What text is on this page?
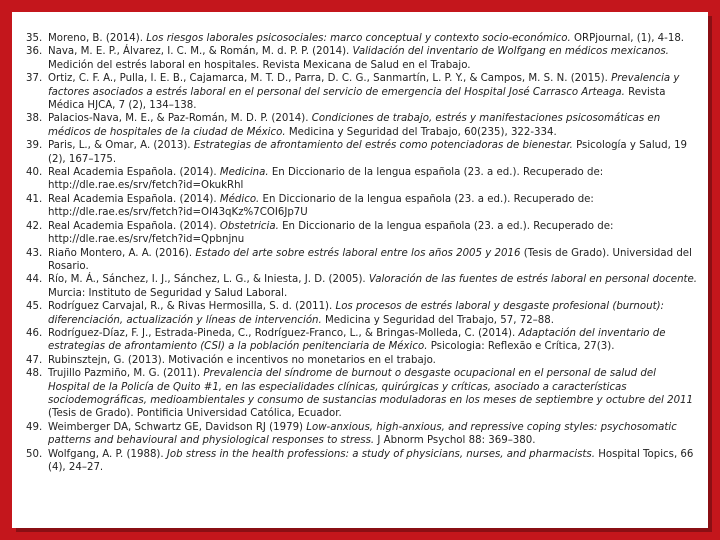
35. Moreno, B. (2014). Los riesgos laborales psicosociales: marco conceptual y contexto socio-económico. ORPjournal, (1), 4-18.
36. Nava, M. E. P., Álvarez, I. C. M., & Román, M. d. P. P. (2014). Validación del inventario de Wolfgang en médicos mexicanos. Medición del estrés laboral en hospitales. Revista Mexicana de Salud en el Trabajo.
37. Ortiz, C. F. A., Pulla, I. E. B., Cajamarca, M. T. D., Parra, D. C. G., Sanmartín, L. P. Y., & Campos, M. S. N. (2015). Prevalencia y factores asociados a estrés laboral en el personal del servicio de emergencia del Hospital José Carrasco Arteaga. Revista Médica HJCA, 7 (2), 134–138.
38. Palacios-Nava, M. E., & Paz-Román, M. D. P. (2014). Condiciones de trabajo, estrés y manifestaciones psicosomáticas en médicos de hospitales de la ciudad de México. Medicina y Seguridad del Trabajo, 60(235), 322-334.
39. Paris, L., & Omar, A. (2013). Estrategias de afrontamiento del estrés como potenciadoras de bienestar. Psicología y Salud, 19 (2), 167–175.
40. Real Academia Española. (2014). Medicina. En Diccionario de la lengua española (23. a ed.). Recuperado de: http://dle.rae.es/srv/fetch?id=OkukRhl
41. Real Academia Española. (2014). Médico. En Diccionario de la lengua española (23. a ed.). Recuperado de: http://dle.rae.es/srv/fetch?id=OI43qKz%7COI6Jp7U
42. Real Academia Española. (2014). Obstetricia. En Diccionario de la lengua española (23. a ed.). Recuperado de: http://dle.rae.es/srv/fetch?id=Qpbnjnu
43. Riaño Montero, A. A. (2016). Estado del arte sobre estrés laboral entre los años 2005 y 2016 (Tesis de Grado). Universidad del Rosario.
44. Río, M. Á., Sánchez, I. J., Sánchez, L. G., & Iniesta, J. D. (2005). Valoración de las fuentes de estrés laboral en personal docente. Murcia: Instituto de Seguridad y Salud Laboral.
45. Rodríguez Carvajal, R., & Rivas Hermosilla, S. d. (2011). Los procesos de estrés laboral y desgaste profesional (burnout): diferenciación, actualización y líneas de intervención. Medicina y Seguridad del Trabajo, 57, 72–88.
46. Rodríguez-Díaz, F. J., Estrada-Pineda, C., Rodríguez-Franco, L., & Bringas-Molleda, C. (2014). Adaptación del inventario de estrategias de afrontamiento (CSI) a la población penitenciaria de México. Psicologia: Reflexão e Crítica, 27(3).
47. Rubinsztejn, G. (2013). Motivación e incentivos no monetarios en el trabajo.
48. Trujillo Pazmiño, M. G. (2011). Prevalencia del síndrome de burnout o desgaste ocupacional en el personal de salud del Hospital de la Policía de Quito #1, en las especialidades clínicas, quirúrgicas y críticas, asociado a características sociodemográficas, medioambientales y consumo de sustancias moduladoras en los meses de septiembre y octubre del 2011 (Tesis de Grado). Pontificia Universidad Católica, Ecuador.
49. Weimberger DA, Schwartz GE, Davidson RJ (1979) Low-anxious, high-anxious, and repressive coping styles: psychosomatic patterns and behavioural and physiological responses to stress. J Abnorm Psychol 88: 369–380.
50. Wolfgang, A. P. (1988). Job stress in the health professions: a study of physicians, nurses, and pharmacists. Hospital Topics, 66 (4), 24–27.
